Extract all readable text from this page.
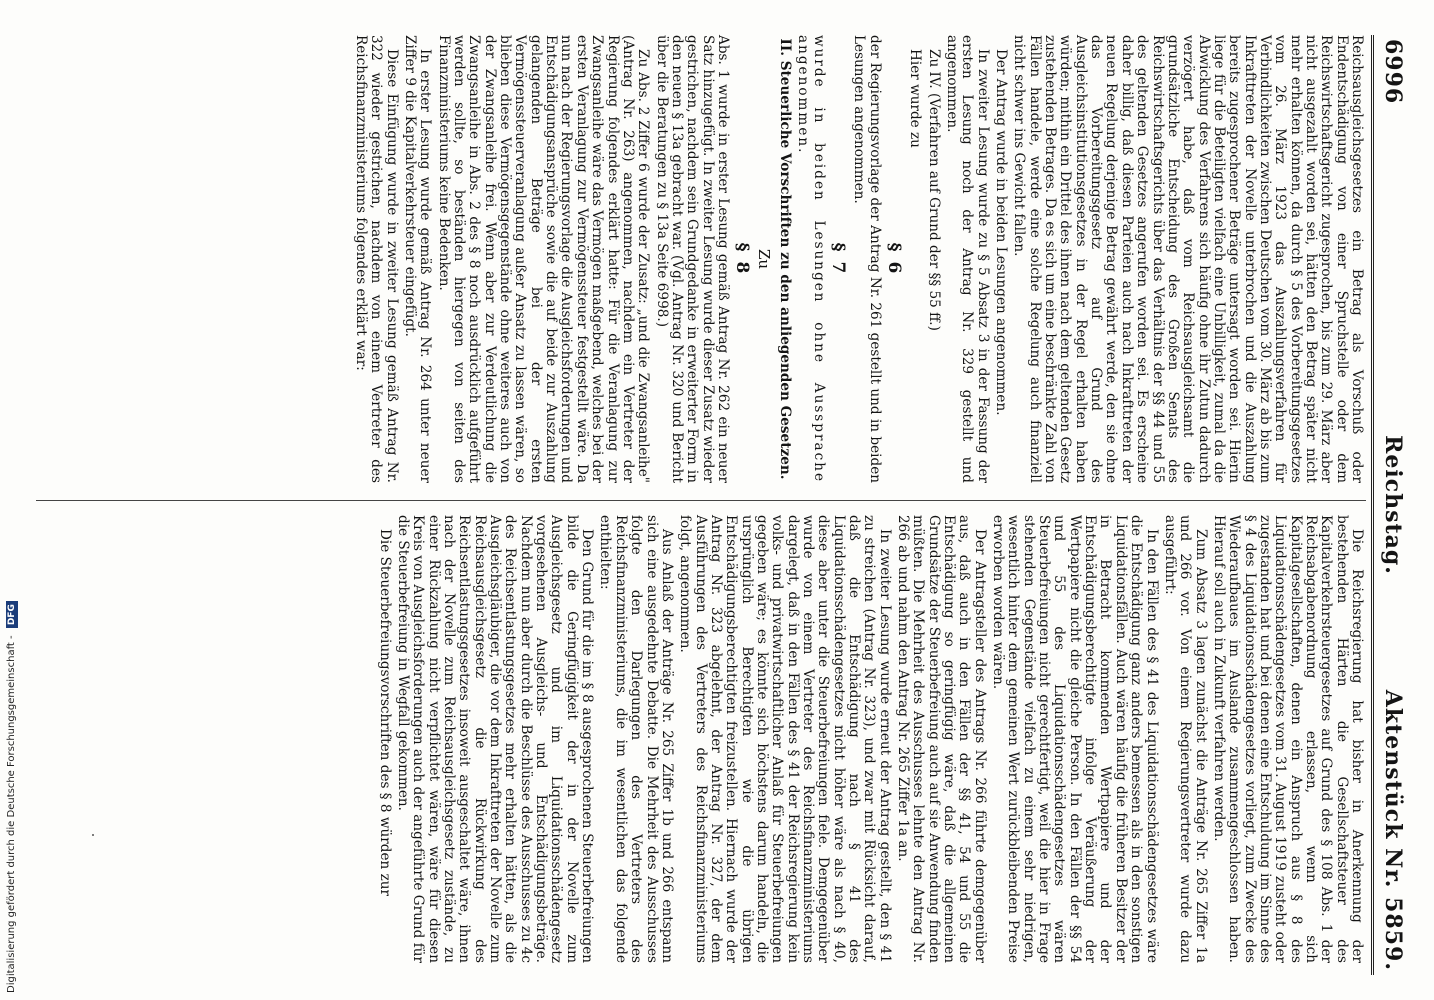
6996
Reichstag.
Aktenstück Nr. 5859.

Reichsausgleichsgesetzes ein Betrag als Vorschuß oder Endentschädigung von einer Spruchstelle oder dem Reichswirtschaftsgericht zugesprochen, bis zum 29. März aber nicht ausgezahlt worden sei, hätten den Betrag später nicht mehr erhalten können, da durch § 5 des Vorbereitungsgesetzes vom 26. März 1923 das Auszahlungsverfahren für Verbindlichkeiten zwischen Deutschen vom 30. März ab bis zum Inkrafttreten der Novelle unterbrochen und die Auszahlung bereits zugesprochener Beträge untersagt worden sei. Hierin liege für die Beteiligten vielfach eine Unbilligkeit, zumal da die Abwicklung des Verfahrens sich häufig ohne ihr Zutun dadurch verzögert habe, daß vom Reichsausgleichsamt die grundsätzliche Entscheidung des Großen Senats des Reichswirtschaftsgerichts über das Verhältnis der §§ 44 und 55 des geltenden Gesetzes angerufen worden sei. Es erscheine daher billig, daß diesen Parteien auch nach Inkrafttreten der neuen Regelung derjenige Betrag gewährt werde, den sie ohne das Vorbereitungsgesetz auf Grund des Ausgleichsinstitutionsgesetzes in der Regel erhalten haben würden; mithin ein Drittel des ihnen nach dem geltenden Gesetz zustehenden Betrages. Da es sich um eine beschränkte Zahl von Fällen handele, werde eine solche Regelung auch finanziell nicht schwer ins Gewicht fallen.

Der Antrag wurde in beiden Lesungen angenommen.

In zweiter Lesung wurde zu § 5 Absatz 3 in der Fassung der ersten Lesung noch der Antrag Nr. 329 gestellt und angenommen.

Zu IV. (Verfahren auf Grund der §§ 55 ff.)

Hier wurde zu

§ 6

der Regierungsvorlage der Antrag Nr. 261 gestellt und in beiden Lesungen angenommen.

§ 7

wurde in beiden Lesungen ohne Aussprache angenommen.

II. Steuerliche Vorschriften zu den anliegenden Gesetzen.
Zu
§ 8

Abs. 1 wurde in erster Lesung gemäß Antrag Nr. 262 ein neuer Satz hinzugefügt. In zweiter Lesung wurde dieser Zusatz wieder gestrichen, nachdem sein Grundgedanke in erweiterter Form in den neuen § 13a gebracht war. (Vgl. Antrag Nr. 320 und Bericht über die Beratungen zu § 13a Seite 6998.)

Zu Abs. 2 Ziffer 6 wurde der Zusatz: „und die Zwangsanleihe" (Antrag Nr. 263) angenommen, nachdem ein Vertreter der Regierung folgendes erklärt hatte: Für die Veranlagung zur Zwangsanleihe wäre das Vermögen maßgebend, welches bei der ersten Veranlagung zur Vermögenssteuer festgestellt wäre. Da nun nach der Regierungsvorlage die Ausgleichsforderungen und Entschädigungsansprüche sowie die auf beide zur Auszahlung gelangenden Beträge bei der ersten Vermögenssteuerveranlagung außer Ansatz zu lassen wären, so blieben diese Vermögensgegenstände ohne weiteres auch von der Zwangsanleihe frei. Wenn aber zur Verdeutlichung die Zwangsanleihe in Abs. 2 des § 8 noch ausdrücklich aufgeführt werden sollte, so beständen hiergegen von seiten des Finanzministeriums keine Bedenken.

In erster Lesung wurde gemäß Antrag Nr. 264 unter neuer Ziffer 9 die Kapitalverkehrsteuer eingefügt.

Diese Einfügung wurde in zweiter Lesung gemäß Antrag Nr. 322 wieder gestrichen, nachdem von einem Vertreter des Reichsfinanzministeriums folgendes erklärt war:

Die Reichsregierung hat bisher in Anerkennung der bestehenden Härten die Gesellschaftsteuer des Kapitalverkehrsteuergesetzes auf Grund des § 108 Abs. 1 der Reichsabgabenordnung erlassen, wenn sich Kapitalgesellschaften, denen ein Anspruch aus § 8 des Liquidationsschädengesetzes vom 31. August 1919 zusteht oder zugestanden hat und bei denen eine Entschuldung im Sinne des § 4 des Liquidationsschädengesetzes vorliegt, zum Zwecke des Wiederaufbaues im Auslande zusammengeschlossen haben. Hierauf soll auch in Zukunft verfahren werden.

Zum Absatz 3 lagen zunächst die Anträge Nr. 265 Ziffer 1a und 266 vor. Von einem Regierungsvertreter wurde dazu ausgeführt:

In den Fällen des § 41 des Liquidationsschädengesetzes wäre die Entschädigung ganz anders bemessen als in den sonstigen Liquidationsfällen. Auch wären häufig die früheren Besitzer der in Betracht kommenden Wertpapiere und der Entschädigungsberechtigte infolge Veräußerung der Wertpapiere nicht die gleiche Person. In den Fällen der §§ 54 und 55 des Liquidationsschädengesetzes wären Steuerbefreiungen nicht gerechtfertigt, weil die hier in Frage stehenden Gegenstände vielfach zu einem sehr niedrigen, wesentlich hinter dem gemeinen Wert zurückbleibenden Preise erworben worden wären.

Der Antragsteller des Antrags Nr. 266 führte demgegenüber aus, daß auch in den Fällen der §§ 41, 54 und 55 die Entschädigung so geringfügig wäre, daß die allgemeinen Grundsätze der Steuerbefreiung auch auf sie Anwendung finden müßten. Die Mehrheit des Ausschusses lehnte den Antrag Nr. 266 ab und nahm den Antrag Nr. 265 Ziffer 1a an.

In zweiter Lesung wurde erneut der Antrag gestellt, den § 41 zu streichen (Antrag Nr. 323), und zwar mit Rücksicht darauf, daß die Entschädigung nach § 41 des Liquidationsschädengesetzes nicht höher wäre als nach § 40, diese aber unter die Steuerbefreiungen fiele. Demgegenüber wurde von einem Vertreter des Reichsfinanzministeriums dargelegt, daß in den Fällen des § 41 der Reichsregierung kein volks- und privatwirtschaftlicher Anlaß für Steuerbefreiungen gegeben wäre; es könnte sich höchstens darum handeln, die ursprünglich Berechtigten wie die übrigen Entschädigungsberechtigten freizustellen. Hiernach wurde der Antrag Nr. 323 abgelehnt, der Antrag Nr. 327, der dem Ausführungen des Vertreters des Reichsfinanzministeriums folgt, angenommen.

Aus Anlaß der Anträge Nr. 265 Ziffer 1b und 266 entspann sich eine ausgedehnte Debatte. Die Mehrheit des Ausschusses folgte den Darlegungen des Vertreters des Reichsfinanzministeriums, die im wesentlichen das folgende enthielten:

Den Grund für die im § 8 ausgesprochenen Steuerbefreiungen bilde die Geringfügigkeit der in der Novelle zum Ausgleichsgesetz und im Liquidationsschädengesetz vorgesehenen Ausgleichs- und Entschädigungsbeträge. Nachdem nun aber durch die Beschlüsse des Ausschusses zu 4c des Reichsentlastungsgesetzes mehr erhalten hätten, als die Ausgleichsgläubiger, die vor dem Inkrafttreten der Novelle zum Reichsausgleichsgesetz die Rückwirkung des Reichsentlastungsgesetzes insoweit ausgeschaltet wäre, ihnen nach der Novelle zum Reichsausgleichsgesetz zustände, zu einer Rückzahlung nicht verpflichtet wären, wäre für diesen Kreis von Ausgleichsforderungen auch der angeführte Grund für die Steuerbefreiung in Wegfall gekommen.

Die Steuerbefreiungsvorschriften des § 8 würden zur

Digitalisierung gefördert durch die Deutsche Forschungsgemeinschaft - DFG
